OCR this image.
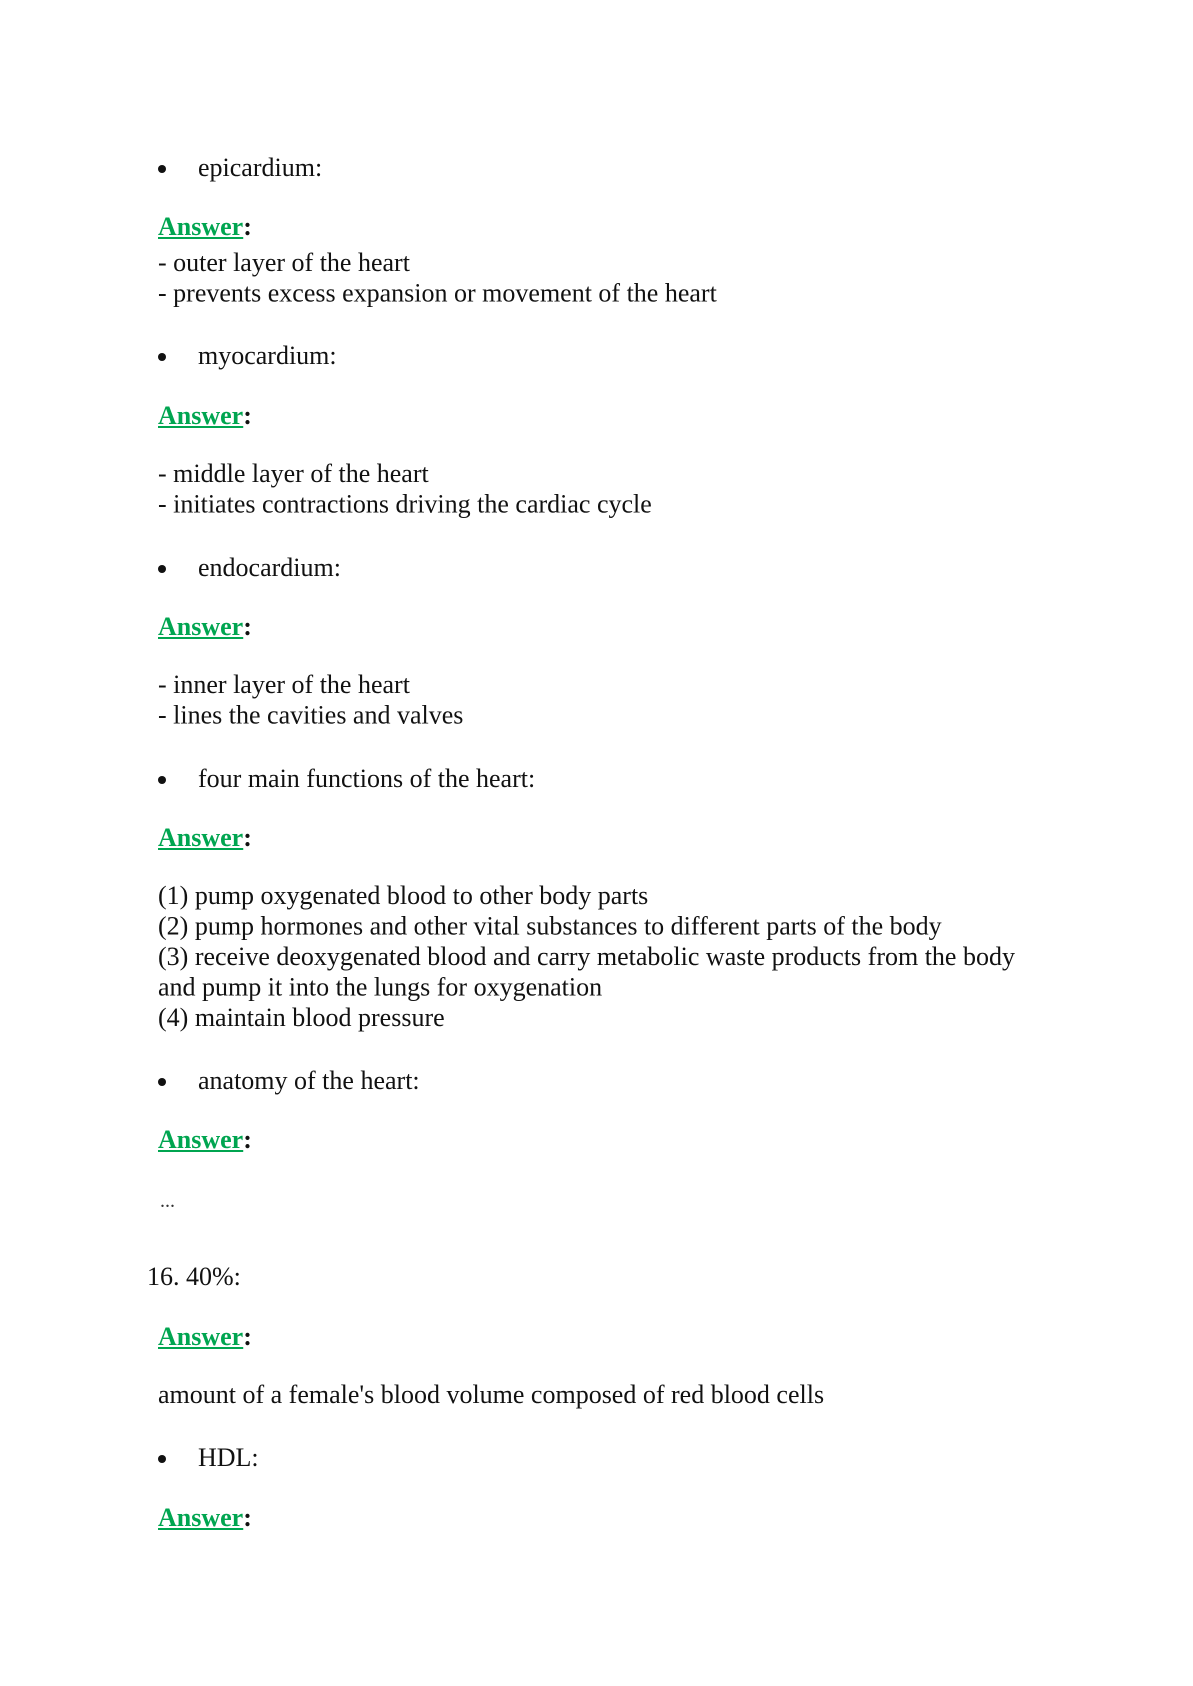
epicardium:
Answer:
- outer layer of the heart
- prevents excess expansion or movement of the heart
myocardium:
Answer:
- middle layer of the heart
- initiates contractions driving the cardiac cycle
endocardium:
Answer:
- inner layer of the heart
- lines the cavities and valves
four main functions of the heart:
Answer:
(1) pump oxygenated blood to other body parts
(2) pump hormones and other vital substances to different parts of the body
(3) receive deoxygenated blood and carry metabolic waste products from the body
and pump it into the lungs for oxygenation
(4) maintain blood pressure
anatomy of the heart:
Answer:
...
16. 40%:
Answer:
amount of a female's blood volume composed of red blood cells
HDL:
Answer:
